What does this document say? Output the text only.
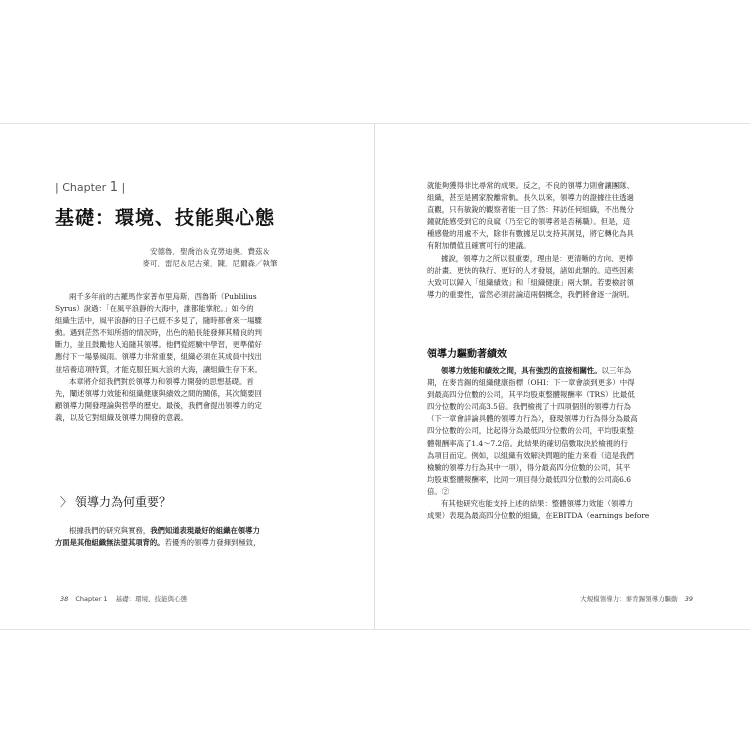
| Chapter 1 |
基礎：環境、技能與心態
安德魯．聖喬治＆克勞迪奧．費茲＆
麥可．雷尼＆尼古萊．陳．尼爾森／執筆
兩千多年前的古羅馬作家普布里烏斯．西魯斯（Publilius
Syrus）說過：「在風平浪靜的大海中，誰都能掌舵。」如今的
組織生活中，風平浪靜的日子已經不多見了，隨時都會來一場驟
動。遇到茫然不知所措的情況時，出色的船長能發揮其精良的判
斷力，並且鼓勵他人追隨其領導。他們從經驗中學習，更準備好
應付下一場暴風雨。領導力非常重要，組織必須在其成員中找出
並培養這項特質，才能克服狂風大浪的大海，讓組織生存下來。
本章將介紹我們對於領導力和領導力開發的思想基礎。首
先，闡述領導力效能和組織健康與績效之間的關係，其次簡要回
顧領導力開發理論與哲學的歷史。最後，我們會提出領導力的定
義，以及它對組織及領導力開發的意義。
〉 領導力為何重要？
根據我們的研究與實務，我們知道表現最好的組織在領導力
方面是其他組織無法望其項背的。若優秀的領導力發揮到極致，
38 Chapter 1 基礎：環境、技能與心態
就能夠獲得非比尋常的成果。反之，不良的領導力則會讓團隊、
組織，甚至是國家脫離常軌。長久以來，領導力的證據往往透過
直觀，只有敏銳的觀察者能一目了然：拜訪任何組織，不出幾分
鐘就能感受到它的良窳（乃至它的領導者是否稱職）。但是，這
種感覺的用處不大，除非有數據足以支持其洞見，將它轉化為具
有附加價值且確實可行的建議。
據說，領導力之所以很重要，理由是：更清晰的方向、更棒
的計畫、更快的執行、更好的人才發展，諸如此類的。這些因素
大致可以歸入「組織績效」和「組織健康」兩大類。若要檢討領
導力的重要性，當然必須討論這兩個概念，我們將會逐一說明。
領導力驅動著績效
領導力效能和績效之間，具有強烈的直接相關性。以三年為
期，在麥肯錫的組織健康指標（OHI：下一章會談到更多）中得
到最高四分位數的公司，其平均股東整體報酬率（TRS）比最低
四分位數的公司高3.5倍。我們檢視了十四項個別的領導力行為
（下一章會詳論具體的領導力行為），發現領導力行為得分為最高
四分位數的公司，比起得分為最低四分位數的公司，平均股東整
體報酬率高了1.4～7.2倍。此結果的確切倍數取決於檢視的行
為項目而定。例如，以組織有效解決問題的能力來看（這是我們
檢驗的領導力行為其中一項），得分最高四分位數的公司，其平
均股東整體報酬率，比同一項目得分最低四分位數的公司高6.6
倍。②
有其他研究也能支持上述的結果：整體領導力效能（領導力
成果）表現為最高四分位數的組織，在EBITDA（earnings before
大規模領導力：麥肯錫領導力驅動 39
